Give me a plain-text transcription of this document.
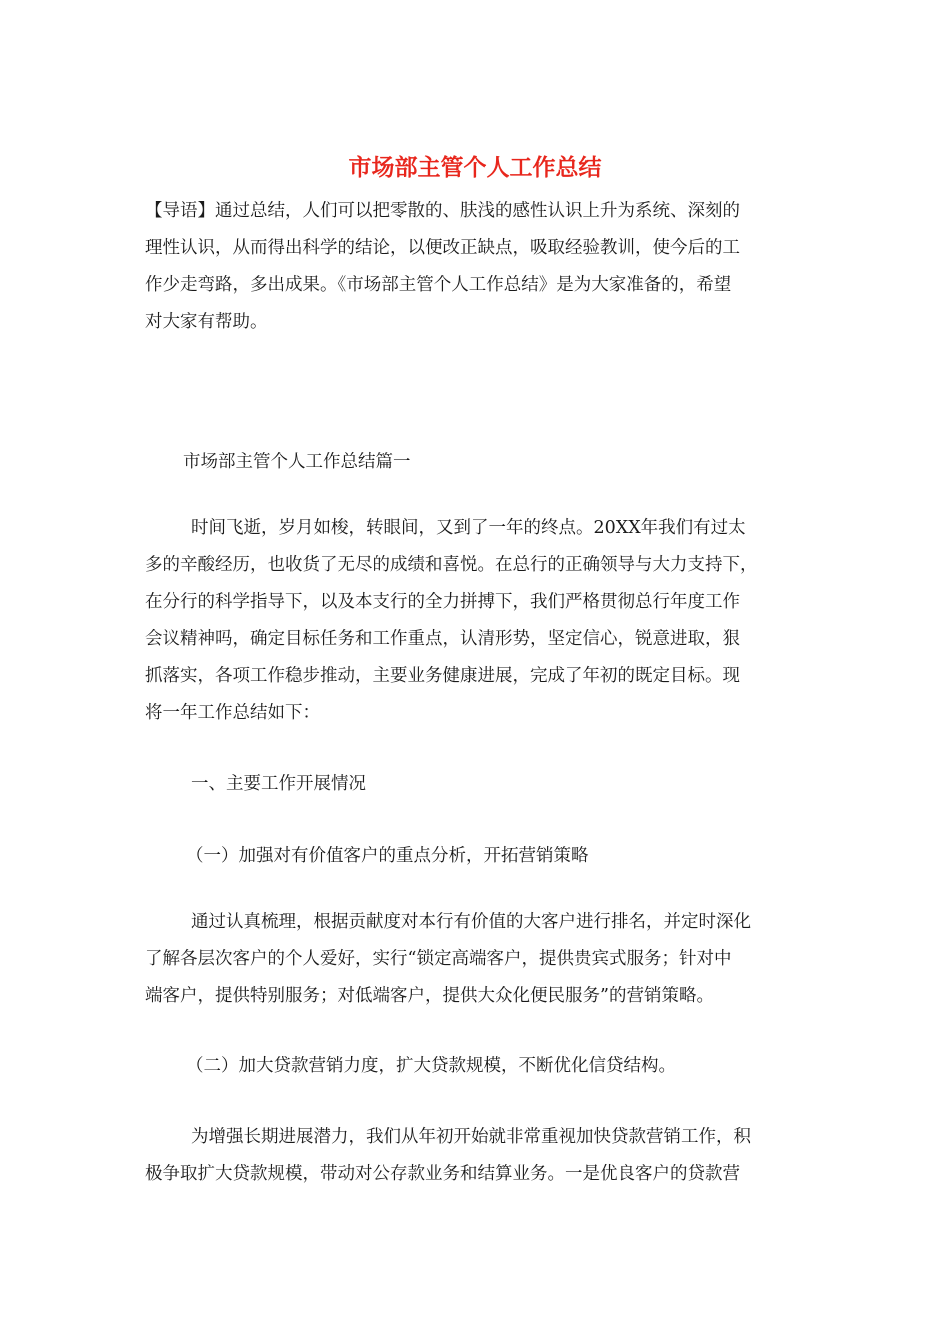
市场部主管个人工作总结
【导语】通过总结，人们可以把零散的、肤浅的感性认识上升为系统、深刻的
理性认识，从而得出科学的结论，以便改正缺点，吸取经验教训，使今后的工
作少走弯路，多出成果。《市场部主管个人工作总结》是为大家准备的，希望
对大家有帮助。
市场部主管个人工作总结篇一
时间飞逝，岁月如梭，转眼间，又到了一年的终点。20XX年我们有过太
多的辛酸经历，也收货了无尽的成绩和喜悦。在总行的正确领导与大力支持下，
在分行的科学指导下，以及本支行的全力拼搏下，我们严格贯彻总行年度工作
会议精神吗，确定目标任务和工作重点，认清形势，坚定信心，锐意进取，狠
抓落实，各项工作稳步推动，主要业务健康进展，完成了年初的既定目标。现
将一年工作总结如下：
一、主要工作开展情况
（一）加强对有价值客户的重点分析，开拓营销策略
通过认真梳理，根据贡献度对本行有价值的大客户进行排名，并定时深化
了解各层次客户的个人爱好，实行“锁定高端客户，提供贵宾式服务；针对中
端客户，提供特别服务；对低端客户，提供大众化便民服务”的营销策略。
（二）加大贷款营销力度，扩大贷款规模，不断优化信贷结构。
为增强长期进展潜力，我们从年初开始就非常重视加快贷款营销工作，积
极争取扩大贷款规模，带动对公存款业务和结算业务。一是优良客户的贷款营
